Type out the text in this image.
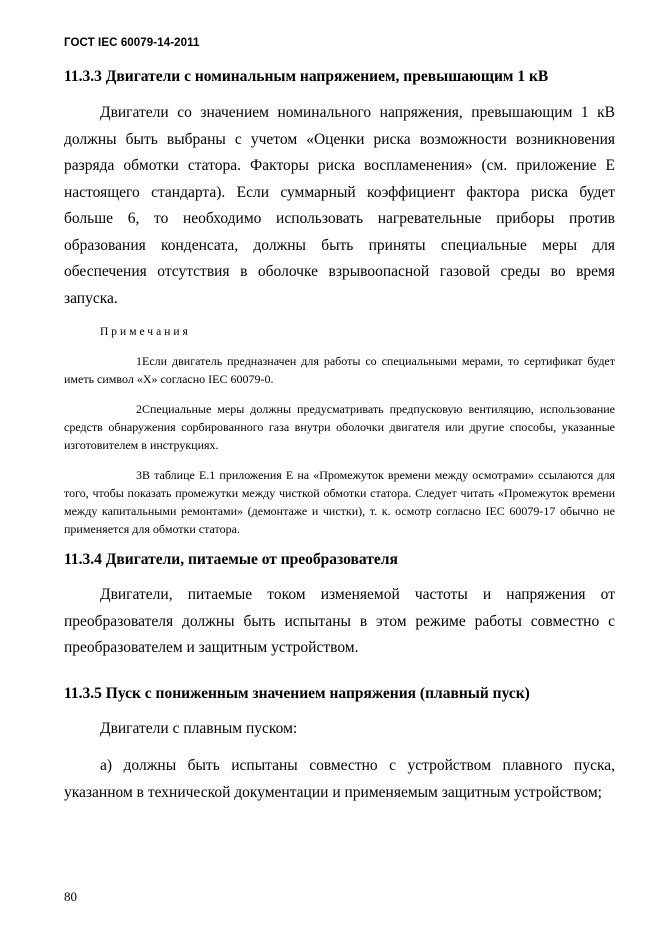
ГОСТ IEC 60079-14-2011
11.3.3 Двигатели с номинальным напряжением, превышающим 1 кВ

Двигатели со значением номинального напряжения, превышающим 1 кВ должны быть выбраны с учетом «Оценки риска возможности возникновения разряда обмотки статора. Факторы риска воспламенения» (см. приложение Е настоящего стандарта). Если суммарный коэффициент фактора риска будет больше 6, то необходимо использовать нагревательные приборы против образования конденсата, должны быть приняты специальные меры для обеспечения отсутствия в оболочке взрывоопасной газовой среды во время запуска.

Примечания

1Если двигатель предназначен для работы со специальными мерами, то сертификат будет иметь символ «Х» согласно IEC 60079-0.

2Специальные меры должны предусматривать предпусковую вентиляцию, использование средств обнаружения сорбированного газа внутри оболочки двигателя или другие способы, указанные изготовителем в инструкциях.

3В таблице Е.1 приложения Е на «Промежуток времени между осмотрами» ссылаются для того, чтобы показать промежутки между чисткой обмотки статора. Следует читать «Промежуток времени между капитальными ремонтами» (демонтаже и чистки), т. к. осмотр согласно IEC 60079-17 обычно не применяется для обмотки статора.

11.3.4 Двигатели, питаемые от преобразователя

Двигатели, питаемые током изменяемой частоты и напряжения от преобразователя должны быть испытаны в этом режиме работы совместно с преобразователем и защитным устройством.

11.3.5 Пуск с пониженным значением напряжения (плавный пуск)

Двигатели с плавным пуском:

а) должны быть испытаны совместно с устройством плавного пуска, указанном в технической документации и применяемым защитным устройством;

80
